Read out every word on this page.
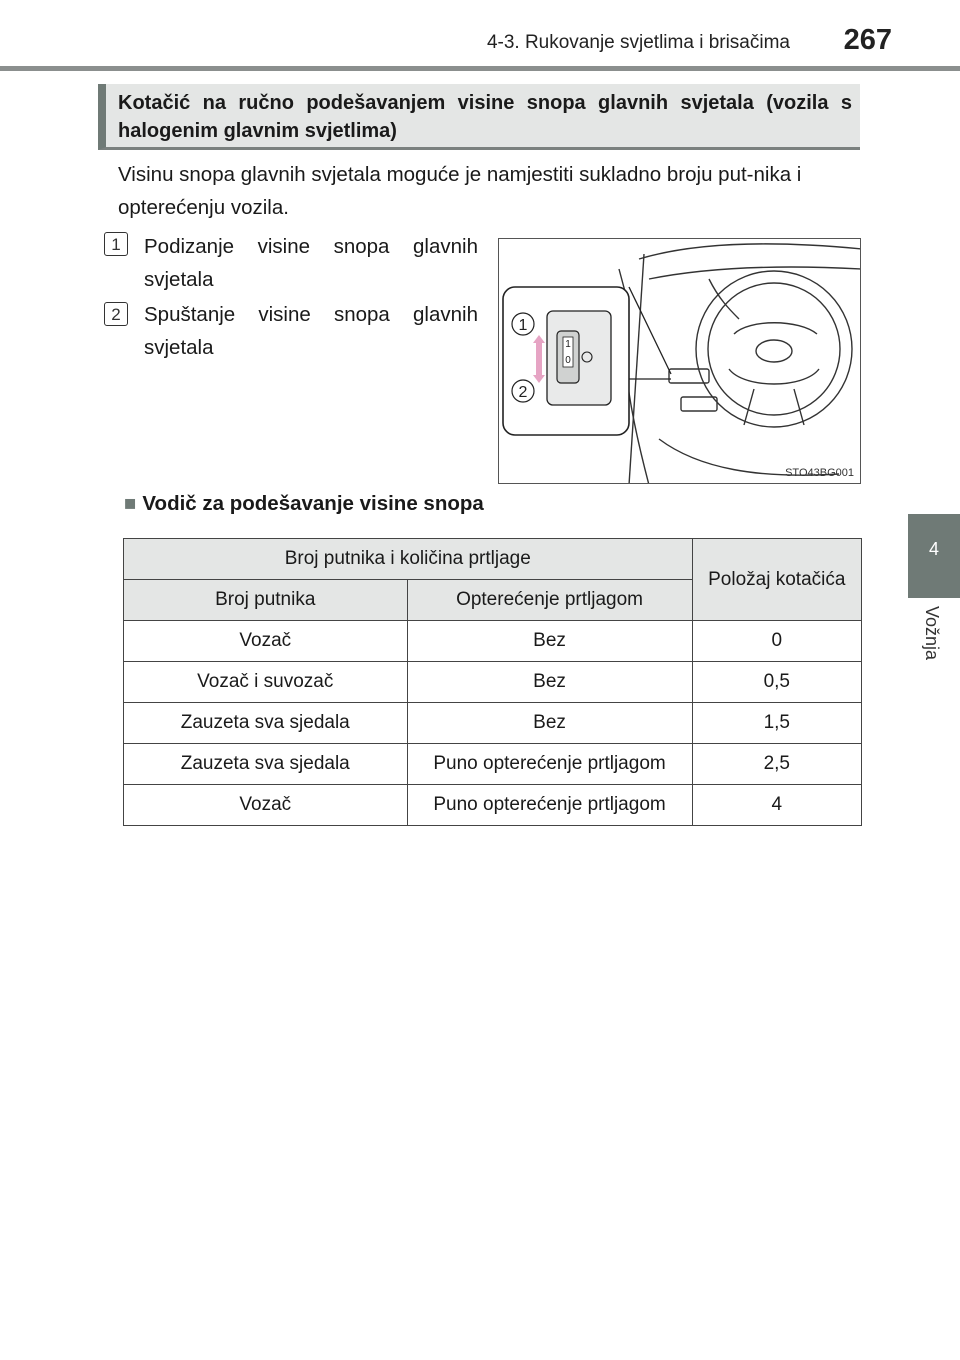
4-3. Rukovanje svjetlima i brisačima 267
4
Vožnja
Kotačić na ručno podešavanjem visine snopa glavnih svjetala (vozila s halogenim glavnim svjetlima)
Visinu snopa glavnih svjetala moguće je namjestiti sukladno broju put-nika i opterećenju vozila.
1	Podizanje visine snopa glavnih svjetala
2	Spuštanje visine snopa glavnih svjetala
1
2
1
0
STO43BG001
■ Vodič za podešavanje visine snopa
Broj putnika i količina prtljage		Položaj kotačića
Broj putnika	Opterećenje prtljagom	
Vozač	Bez	0
Vozač i suvozač	Bez	0,5
Zauzeta sva sjedala	Bez	1,5
Zauzeta sva sjedala	Puno opterećenje prtljagom	2,5
Vozač	Puno opterećenje prtljagom	4
